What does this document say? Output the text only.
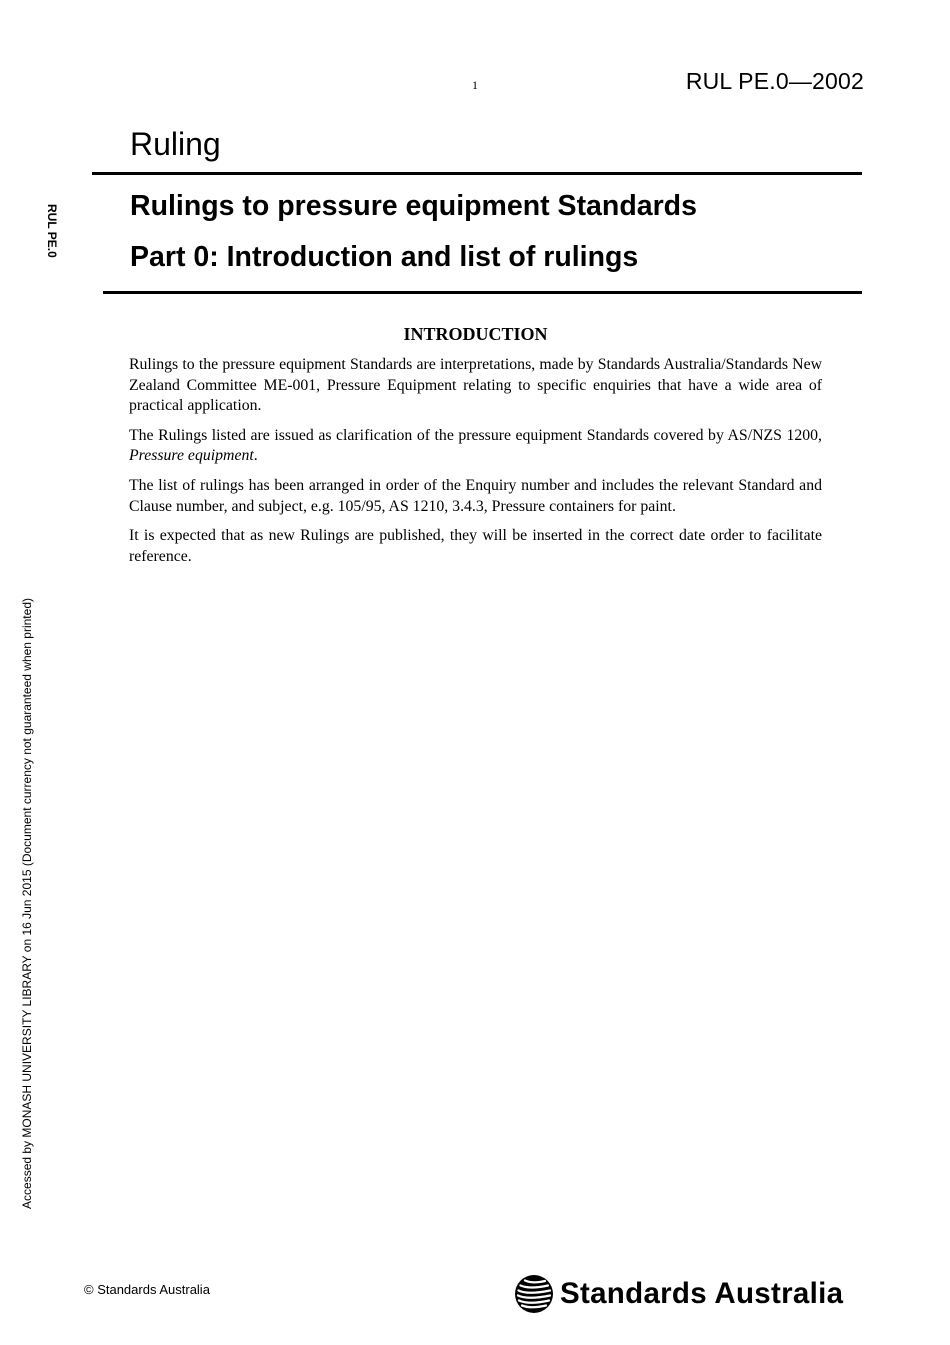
1	RUL PE.0—2002
Ruling
Rulings to pressure equipment Standards
Part 0: Introduction and list of rulings
RUL PE.0
Accessed by MONASH UNIVERSITY LIBRARY on 16 Jun 2015 (Document currency not guaranteed when printed)
INTRODUCTION

Rulings to the pressure equipment Standards are interpretations, made by Standards Australia/Standards New Zealand Committee ME-001, Pressure Equipment relating to specific enquiries that have a wide area of practical application.

The Rulings listed are issued as clarification of the pressure equipment Standards covered by AS/NZS 1200, Pressure equipment.

The list of rulings has been arranged in order of the Enquiry number and includes the relevant Standard and Clause number, and subject, e.g. 105/95, AS 1210, 3.4.3, Pressure containers for paint.

It is expected that as new Rulings are published, they will be inserted in the correct date order to facilitate reference.

© Standards Australia	Standards Australia
